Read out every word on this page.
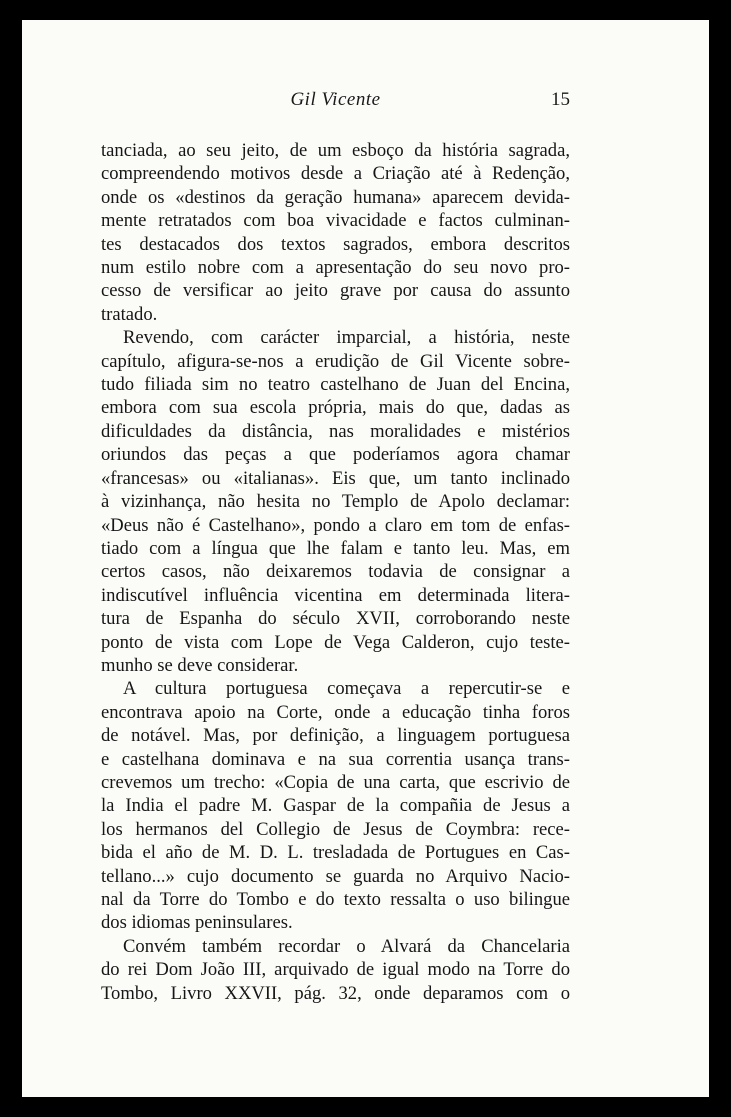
Gil Vicente	15
tanciada, ao seu jeito, de um esboço da história sagrada,
compreendendo motivos desde a Criação até à Redenção,
onde os «destinos da geração humana» aparecem devida-
mente retratados com boa vivacidade e factos culminan-
tes destacados dos textos sagrados, embora descritos
num estilo nobre com a apresentação do seu novo pro-
cesso de versificar ao jeito grave por causa do assunto
tratado.
Revendo, com carácter imparcial, a história, neste
capítulo, afigura-se-nos a erudição de Gil Vicente sobre-
tudo filiada sim no teatro castelhano de Juan del Encina,
embora com sua escola própria, mais do que, dadas as
dificuldades da distância, nas moralidades e mistérios
oriundos das peças a que poderíamos agora chamar
«francesas» ou «italianas». Eis que, um tanto inclinado
à vizinhança, não hesita no Templo de Apolo declamar:
«Deus não é Castelhano», pondo a claro em tom de enfas-
tiado com a língua que lhe falam e tanto leu. Mas, em
certos casos, não deixaremos todavia de consignar a
indiscutível influência vicentina em determinada litera-
tura de Espanha do século XVII, corroborando neste
ponto de vista com Lope de Vega Calderon, cujo teste-
munho se deve considerar.
A cultura portuguesa começava a repercutir-se e
encontrava apoio na Corte, onde a educação tinha foros
de notável. Mas, por definição, a linguagem portuguesa
e castelhana dominava e na sua correntia usança trans-
crevemos um trecho: «Copia de una carta, que escrivio de
la India el padre M. Gaspar de la compañia de Jesus a
los hermanos del Collegio de Jesus de Coymbra: rece-
bida el año de M. D. L. tresladada de Portugues en Cas-
tellano...» cujo documento se guarda no Arquivo Nacio-
nal da Torre do Tombo e do texto ressalta o uso bilingue
dos idiomas peninsulares.
Convém também recordar o Alvará da Chancelaria
do rei Dom João III, arquivado de igual modo na Torre do
Tombo, Livro XXVII, pág. 32, onde deparamos com o
